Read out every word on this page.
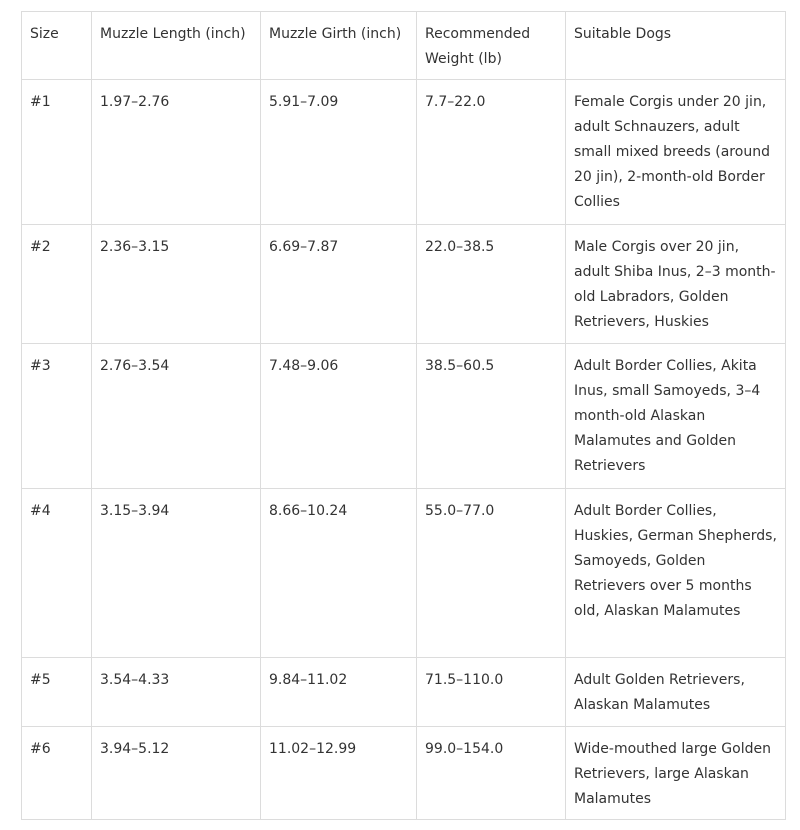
Size	Muzzle Length (inch)	Muzzle Girth (inch)	Recommended Weight (lb)	Suitable Dogs
#1	1.97–2.76	5.91–7.09	7.7–22.0	Female Corgis under 20 jin, adult Schnauzers, adult small mixed breeds (around 20 jin), 2-month-old Border Collies
#2	2.36–3.15	6.69–7.87	22.0–38.5	Male Corgis over 20 jin, adult Shiba Inus, 2–3 month-old Labradors, Golden Retrievers, Huskies
#3	2.76–3.54	7.48–9.06	38.5–60.5	Adult Border Collies, Akita Inus, small Samoyeds, 3–4 month-old Alaskan Malamutes and Golden Retrievers
#4	3.15–3.94	8.66–10.24	55.0–77.0	Adult Border Collies, Huskies, German Shepherds, Samoyeds, Golden Retrievers over 5 months old, Alaskan Malamutes
#5	3.54–4.33	9.84–11.02	71.5–110.0	Adult Golden Retrievers, Alaskan Malamutes
#6	3.94–5.12	11.02–12.99	99.0–154.0	Wide-mouthed large Golden Retrievers, large Alaskan Malamutes
